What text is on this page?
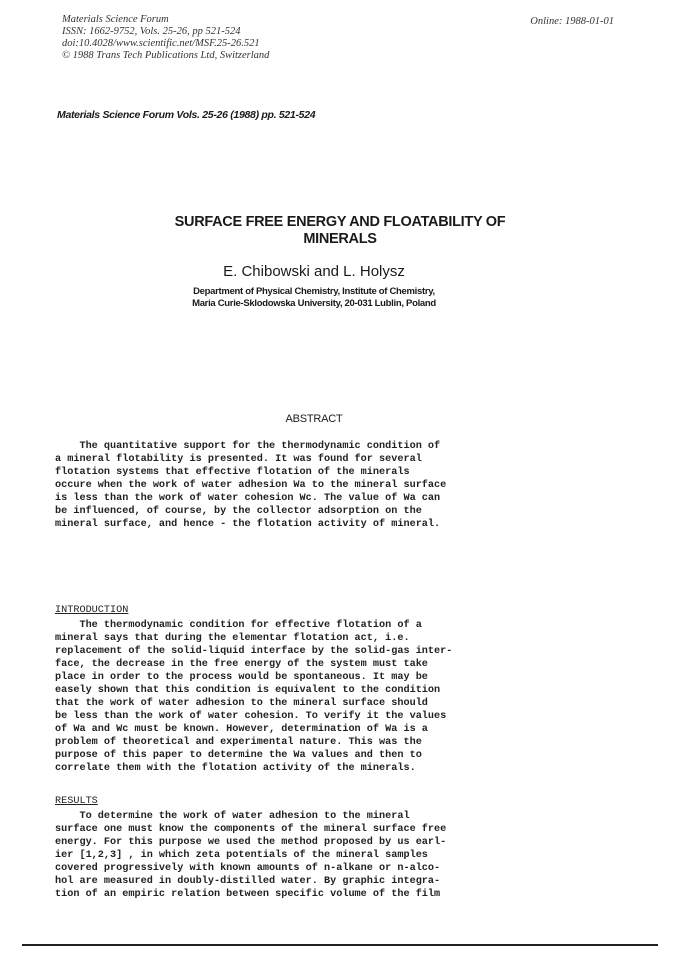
Materials Science Forum
ISSN: 1662-9752, Vols. 25-26, pp 521-524
doi:10.4028/www.scientific.net/MSF.25-26.521
© 1988 Trans Tech Publications Ltd, Switzerland
Online: 1988-01-01
Materials Science Forum Vols. 25-26 (1988) pp. 521-524
SURFACE FREE ENERGY AND FLOATABILITY OF
MINERALS
E. Chibowski and L. Holysz
Department of Physical Chemistry, Institute of Chemistry,
Maria Curie-Sklodowska University, 20-031 Lublin, Poland
ABSTRACT
The quantitative support for the thermodynamic condition of
a mineral flotability is presented. It was found for several
flotation systems that effective flotation of the minerals
occure when the work of water adhesion Wa to the mineral surface
is less than the work of water cohesion Wc. The value of Wa can
be influenced, of course, by the collector adsorption on the
mineral surface, and hence - the flotation activity of mineral.
INTRODUCTION
The thermodynamic condition for effective flotation of a
mineral says that during the elementar flotation act, i.e.
replacement of the solid-liquid interface by the solid-gas inter-
face, the decrease in the free energy of the system must take
place in order to the process would be spontaneous. It may be
easely shown that this condition is equivalent to the condition
that the work of water adhesion to the mineral surface should
be less than the work of water cohesion. To verify it the values
of Wa and Wc must be known. However, determination of Wa is a
problem of theoretical and experimental nature. This was the
purpose of this paper to determine the Wa values and then to
correlate them with the flotation activity of the minerals.
RESULTS
To determine the work of water adhesion to the mineral
surface one must know the components of the mineral surface free
energy. For this purpose we used the method proposed by us earl-
ier [1,2,3] , in which zeta potentials of the mineral samples
covered progressively with known amounts of n-alkane or n-alco-
hol are measured in doubly-distilled water. By graphic integra-
tion of an empiric relation between specific volume of the film
